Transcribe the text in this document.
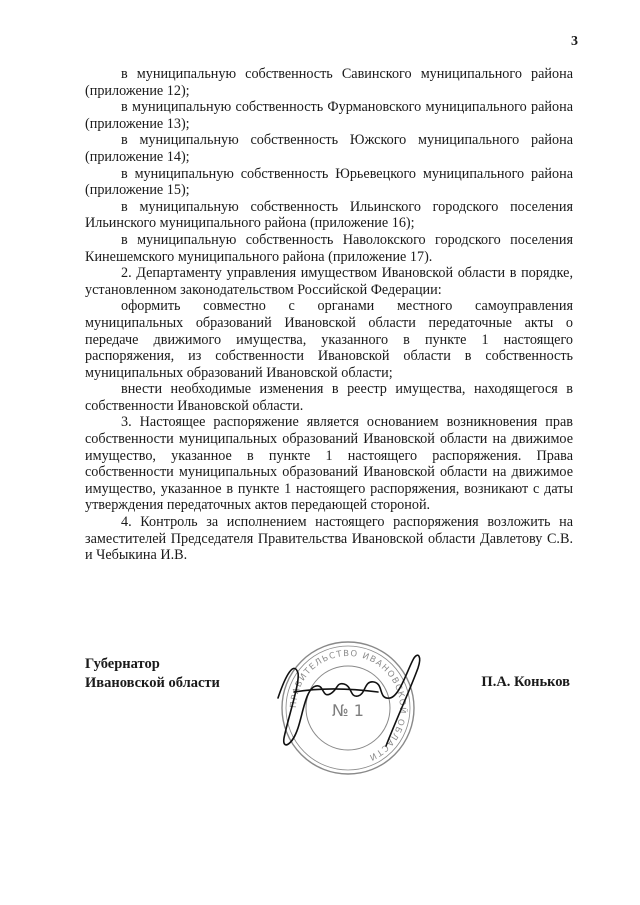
3

в муниципальную собственность Савинского муниципального района (приложение 12);

в муниципальную собственность Фурмановского муниципального района (приложение 13);

в муниципальную собственность Южского муниципального района (приложение 14);

в муниципальную собственность Юрьевецкого муниципального района (приложение 15);

в муниципальную собственность Ильинского городского поселения Ильинского муниципального района (приложение 16);

в муниципальную собственность Наволокского городского поселения Кинешемского муниципального района (приложение 17).

2. Департаменту управления имуществом Ивановской области в порядке, установленном законодательством Российской Федерации:

оформить совместно с органами местного самоуправления муниципальных образований Ивановской области передаточные акты о передаче движимого имущества, указанного в пункте 1 настоящего распоряжения, из собственности Ивановской области в собственность муниципальных образований Ивановской области;

внести необходимые изменения в реестр имущества, находящегося в собственности Ивановской области.

3. Настоящее распоряжение является основанием возникновения прав собственности муниципальных образований Ивановской области на движимое имущество, указанное в пункте 1 настоящего распоряжения. Права собственности муниципальных образований Ивановской области на движимое имущество, указанное в пункте 1 настоящего распоряжения, возникают с даты утверждения передаточных актов передающей стороной.

4. Контроль за исполнением настоящего распоряжения возложить на заместителей Председателя Правительства Ивановской области Давлетову С.В. и Чебыкина И.В.

Губернатор
Ивановской области	П.А. Коньков
ПРАВИТЕЛЬСТВО ИВАНОВСКОЙ ОБЛАСТИ
№ 1
